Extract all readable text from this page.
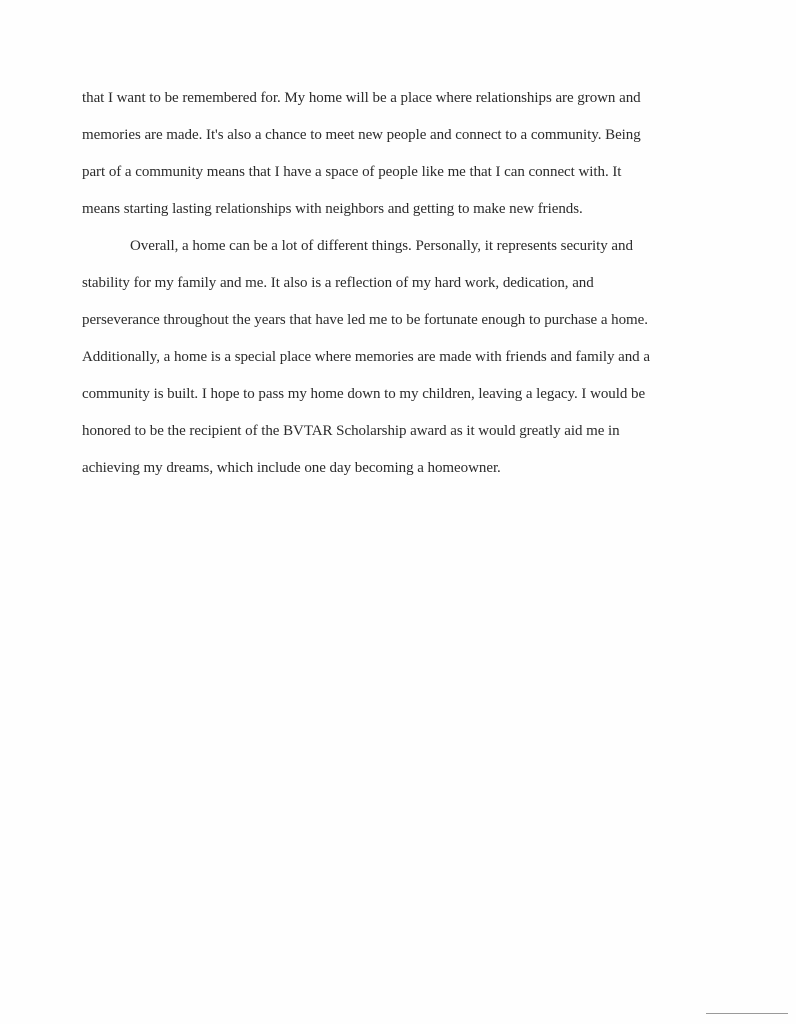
that I want to be remembered for. My home will be a place where relationships are grown and
memories are made. It's also a chance to meet new people and connect to a community. Being
part of a community means that I have a space of people like me that I can connect with. It
means starting lasting relationships with neighbors and getting to make new friends.
Overall, a home can be a lot of different things. Personally, it represents security and
stability for my family and me. It also is a reflection of my hard work, dedication, and
perseverance throughout the years that have led me to be fortunate enough to purchase a home.
Additionally, a home is a special place where memories are made with friends and family and a
community is built. I hope to pass my home down to my children, leaving a legacy. I would be
honored to be the recipient of the BVTAR Scholarship award as it would greatly aid me in
achieving my dreams, which include one day becoming a homeowner.
